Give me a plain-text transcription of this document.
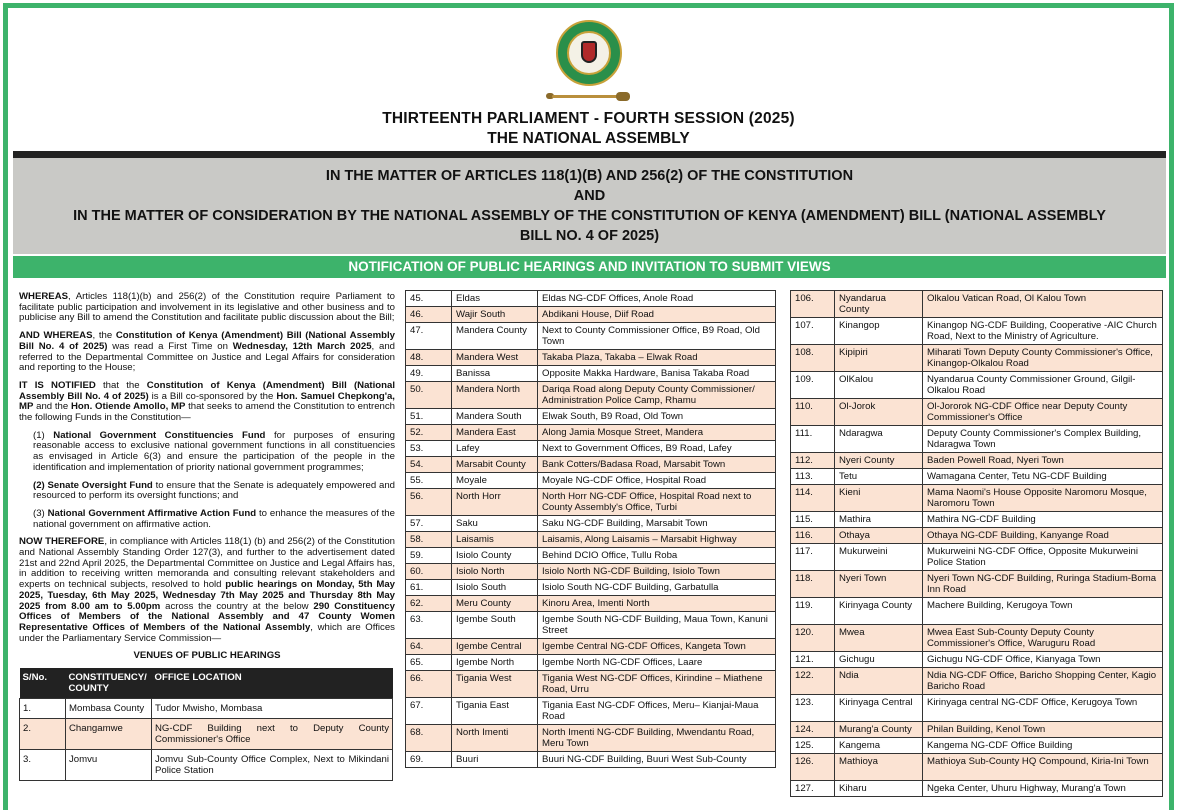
THIRTEENTH PARLIAMENT - FOURTH SESSION (2025)
THE NATIONAL ASSEMBLY
IN THE MATTER OF ARTICLES 118(1)(B) AND 256(2) OF THE CONSTITUTION
AND
IN THE MATTER OF CONSIDERATION BY THE NATIONAL ASSEMBLY OF THE CONSTITUTION OF KENYA (AMENDMENT) BILL (NATIONAL ASSEMBLY
BILL NO. 4 OF 2025)
NOTIFICATION OF PUBLIC HEARINGS AND INVITATION TO SUBMIT VIEWS

WHEREAS, Articles 118(1)(b) and 256(2) of the Constitution require Parliament to facilitate public participation and involvement in its legislative and other business and to publicise any Bill to amend the Constitution and facilitate public discussion about the Bill;

AND WHEREAS, the Constitution of Kenya (Amendment) Bill (National Assembly Bill No. 4 of 2025) was read a First Time on Wednesday, 12th March 2025, and referred to the Departmental Committee on Justice and Legal Affairs for consideration and reporting to the House;

IT IS NOTIFIED that the Constitution of Kenya (Amendment) Bill (National Assembly Bill No. 4 of 2025) is a Bill co-sponsored by the Hon. Samuel Chepkong'a, MP and the Hon. Otiende Amollo, MP that seeks to amend the Constitution to entrench the following Funds in the Constitution—

(1) National Government Constituencies Fund for purposes of ensuring reasonable access to exclusive national government functions in all constituencies as envisaged in Article 6(3) and ensure the participation of the people in the identification and implementation of priority national government programmes;

(2) Senate Oversight Fund to ensure that the Senate is adequately empowered and resourced to perform its oversight functions; and

(3) National Government Affirmative Action Fund to enhance the measures of the national government on affirmative action.

NOW THEREFORE, in compliance with Articles 118(1) (b) and 256(2) of the Constitution and National Assembly Standing Order 127(3), and further to the advertisement dated 21st and 22nd April 2025, the Departmental Committee on Justice and Legal Affairs has, in addition to receiving written memoranda and consulting relevant stakeholders and experts on technical subjects, resolved to hold public hearings on Monday, 5th May 2025, Tuesday, 6th May 2025, Wednesday 7th May 2025 and Thursday 8th May 2025 from 8.00 am to 5.00pm across the country at the below 290 Constituency Offices of Members of the National Assembly and 47 County Women Representative Offices of Members of the National Assembly, which are Offices under the Parliamentary Service Commission—

VENUES OF PUBLIC HEARINGS
S/No.	CONSTITUENCY/ COUNTY	OFFICE LOCATION
1.	Mombasa County	Tudor Mwisho, Mombasa
2.	Changamwe	NG-CDF Building next to Deputy County Commissioner's Office
3.	Jomvu	Jomvu Sub-County Office Complex, Next to Mikindani Police Station
45.	Eldas	Eldas NG-CDF Offices, Anole Road
46.	Wajir South	Abdikani House, Diif Road
47.	Mandera County	Next to County Commissioner Office, B9 Road, Old Town
48.	Mandera West	Takaba Plaza, Takaba – Elwak Road
49.	Banissa	Opposite Makka Hardware, Banisa Takaba Road
50.	Mandera North	Dariqa Road along Deputy County Commissioner/ Administration Police Camp, Rhamu
51.	Mandera South	Elwak South, B9 Road, Old Town
52.	Mandera East	Along Jamia Mosque Street, Mandera
53.	Lafey	Next to Government Offices, B9 Road, Lafey
54.	Marsabit County	Bank Cotters/Badasa Road, Marsabit Town
55.	Moyale	Moyale NG-CDF Office, Hospital Road
56.	North Horr	North Horr NG-CDF Office, Hospital Road next to County Assembly's Office, Turbi
57.	Saku	Saku NG-CDF Building, Marsabit Town
58.	Laisamis	Laisamis, Along Laisamis – Marsabit Highway
59.	Isiolo County	Behind DCIO Office, Tullu Roba
60.	Isiolo North	Isiolo North NG-CDF Building, Isiolo Town
61.	Isiolo South	Isiolo South NG-CDF Building, Garbatulla
62.	Meru County	Kinoru Area, Imenti North
63.	Igembe South	Igembe South NG-CDF Building, Maua Town, Kanuni Street
64.	Igembe Central	Igembe Central NG-CDF Offices, Kangeta Town
65.	Igembe North	Igembe North NG-CDF Offices, Laare
66.	Tigania West	Tigania West NG-CDF Offices, Kirindine – Miathene Road, Urru
67.	Tigania East	Tigania East NG-CDF Offices, Meru– Kianjai-Maua Road
68.	North Imenti	North Imenti NG-CDF Building, Mwendantu Road, Meru Town
69.	Buuri	Buuri NG-CDF Building, Buuri West Sub-County
106.	Nyandarua County	Olkalou Vatican Road, Ol Kalou Town
107.	Kinangop	Kinangop NG-CDF Building, Cooperative -AIC Church Road, Next to the Ministry of Agriculture.
108.	Kipipiri	Miharati Town Deputy County Commissioner's Office, Kinangop-Olkalou Road
109.	OlKalou	Nyandarua County Commissioner Ground, Gilgil-Olkalou Road
110.	Ol-Jorok	Ol-Jororok NG-CDF Office near Deputy County Commissioner's Office
111.	Ndaragwa	Deputy County Commissioner's Complex Building, Ndaragwa Town
112.	Nyeri County	Baden Powell Road, Nyeri Town
113.	Tetu	Wamagana Center, Tetu NG-CDF Building
114.	Kieni	Mama Naomi's House Opposite Naromoru Mosque, Naromoru Town
115.	Mathira	Mathira NG-CDF Building
116.	Othaya	Othaya NG-CDF Building, Kanyange Road
117.	Mukurweini	Mukurweini NG-CDF Office, Opposite Mukurweini Police Station
118.	Nyeri Town	Nyeri Town NG-CDF Building, Ruringa Stadium-Boma Inn Road
119.	Kirinyaga County	Machere Building, Kerugoya Town
120.	Mwea	Mwea East Sub-County Deputy County Commissioner's Office, Waruguru Road
121.	Gichugu	Gichugu NG-CDF Office, Kianyaga Town
122.	Ndia	Ndia NG-CDF Office, Baricho Shopping Center, Kagio Baricho Road
123.	Kirinyaga Central	Kirinyaga central NG-CDF Office, Kerugoya Town
124.	Murang'a County	Philan Building, Kenol Town
125.	Kangema	Kangema NG-CDF Office Building
126.	Mathioya	Mathioya Sub-County HQ Compound, Kiria-Ini Town
127.	Kiharu	Ngeka Center, Uhuru Highway, Murang'a Town
